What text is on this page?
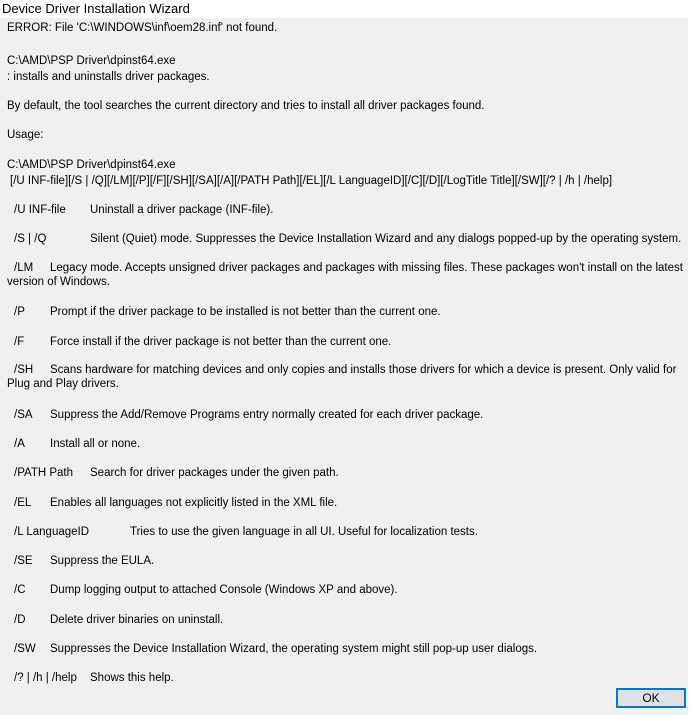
Device Driver Installation Wizard
ERROR: File 'C:\WINDOWS\inf\oem28.inf' not found.
C:\AMD\PSP Driver\dpinst64.exe
: installs and uninstalls driver packages.
By default, the tool searches the current directory and tries to install all driver packages found.
Usage:
C:\AMD\PSP Driver\dpinst64.exe
[/U INF-file][/S | /Q][/LM][/P][/F][/SH][/SA][/A][/PATH Path][/EL][/L LanguageID][/C][/D][/LogTitle Title][/SW][/? | /h | /help]
/U INF-file Uninstall a driver package (INF-file).
/S | /Q	Silent (Quiet) mode. Suppresses the Device Installation Wizard and any dialogs popped-up by the operating system.
/LM Legacy mode. Accepts unsigned driver packages and packages with missing files. These packages won't install on the latest version of Windows.
/P Prompt if the driver package to be installed is not better than the current one.
/F Force install if the driver package is not better than the current one.
/SH Scans hardware for matching devices and only copies and installs those drivers for which a device is present. Only valid for Plug and Play drivers.
/SA Suppress the Add/Remove Programs entry normally created for each driver package.
/A Install all or none.
/PATH Path Search for driver packages under the given path.
/EL Enables all languages not explicitly listed in the XML file.
/L LanguageID	Tries to use the given language in all UI. Useful for localization tests.
/SE Suppress the EULA.
/C Dump logging output to attached Console (Windows XP and above).
/D Delete driver binaries on uninstall.
/SW Suppresses the Device Installation Wizard, the operating system might still pop-up user dialogs.
/? | /h | /help Shows this help.
OK
